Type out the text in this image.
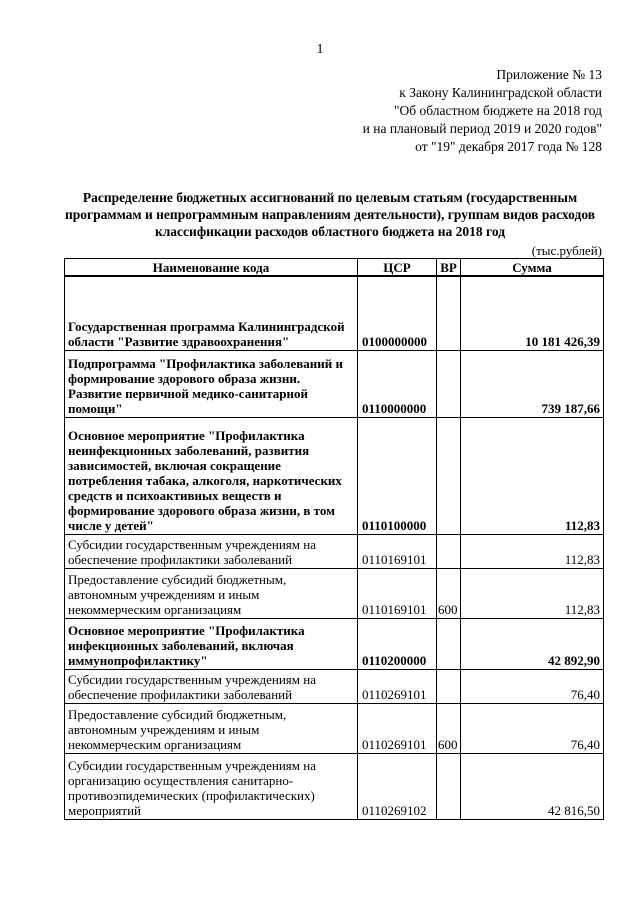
1
Приложение № 13
к Закону Калининградской области
"Об областном бюджете на 2018 год
и на плановый период 2019 и 2020 годов"
от "19" декабря 2017 года № 128
Распределение бюджетных ассигнований по целевым статьям (государственным
программам и непрограммным направлениям деятельности), группам видов расходов
классификации расходов областного бюджета на 2018 год
(тыс.рублей)
Наименование кода	ЦСР	ВР	Сумма
Государственная программа Калининградской области "Развитие здравоохранения"	0100000000		10 181 426,39
Подпрограмма "Профилактика заболеваний и формирование здорового образа жизни. Развитие первичной медико-санитарной помощи"	0110000000		739 187,66
Основное мероприятие "Профилактика неинфекционных заболеваний, развития зависимостей, включая сокращение потребления табака, алкоголя, наркотических средств и психоактивных веществ и формирование здорового образа жизни, в том числе у детей"	0110100000		112,83
Субсидии государственным учреждениям на обеспечение профилактики заболеваний	0110169101		112,83
Предоставление субсидий бюджетным, автономным учреждениям и иным некоммерческим организациям	0110169101	600	112,83
Основное мероприятие "Профилактика инфекционных заболеваний, включая иммунопрофилактику"	0110200000		42 892,90
Субсидии государственным учреждениям на обеспечение профилактики заболеваний	0110269101		76,40
Предоставление субсидий бюджетным, автономным учреждениям и иным некоммерческим организациям	0110269101	600	76,40
Субсидии государственным учреждениям на организацию осуществления санитарно-противоэпидемических (профилактических) мероприятий	0110269102		42 816,50
